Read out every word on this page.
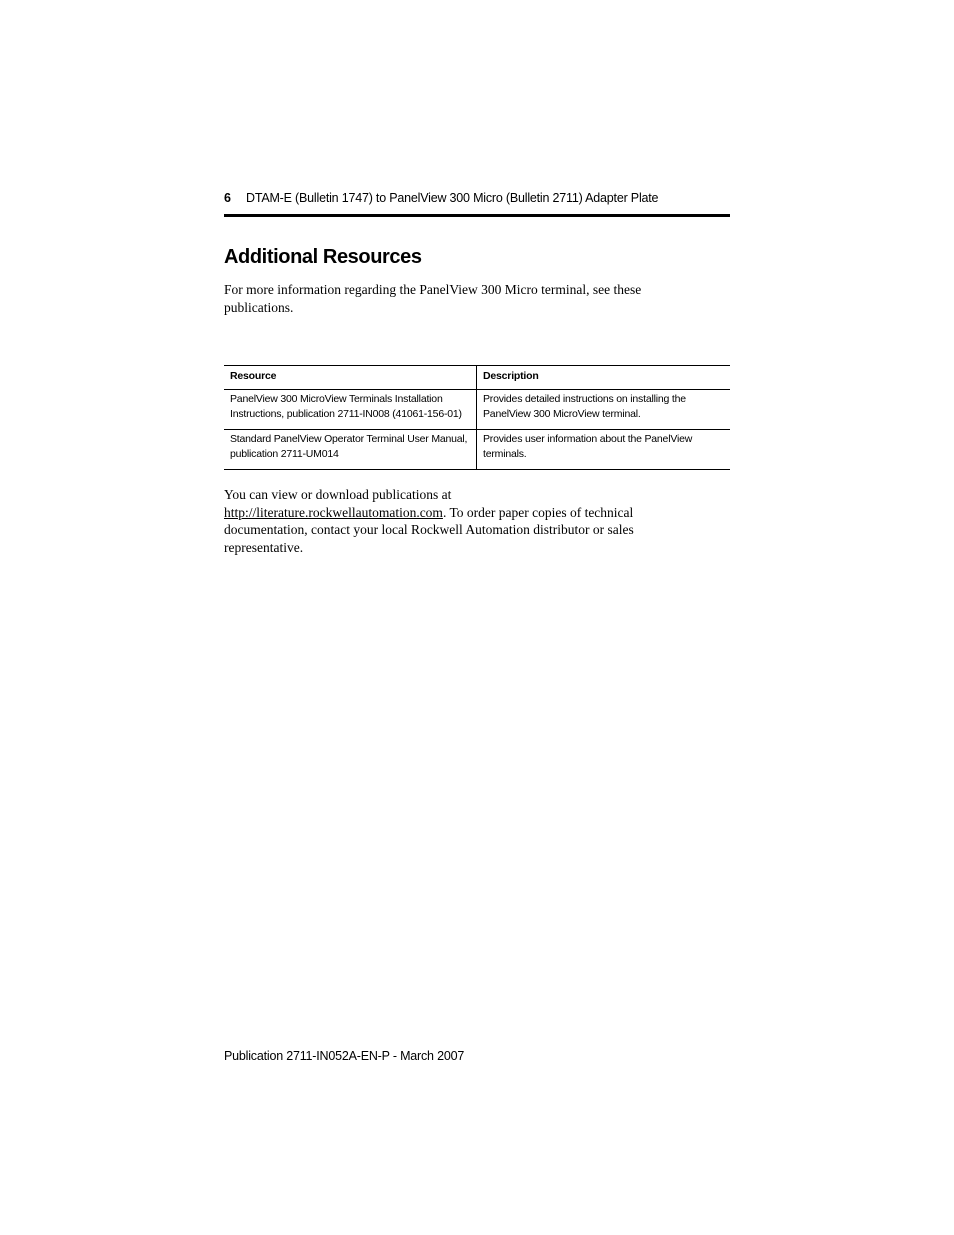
6 DTAM-E (Bulletin 1747) to PanelView 300 Micro (Bulletin 2711) Adapter Plate
Additional Resources

For more information regarding the PanelView 300 Micro terminal, see these publications.

Resource	Description
PanelView 300 MicroView Terminals Installation Instructions, publication 2711-IN008 (41061-156-01)	Provides detailed instructions on installing the PanelView 300 MicroView terminal.
Standard PanelView Operator Terminal User Manual, publication 2711-UM014	Provides user information about the PanelView terminals.

You can view or download publications at
http://literature.rockwellautomation.com. To order paper copies of technical documentation, contact your local Rockwell Automation distributor or sales representative.

Publication 2711-IN052A-EN-P - March 2007
